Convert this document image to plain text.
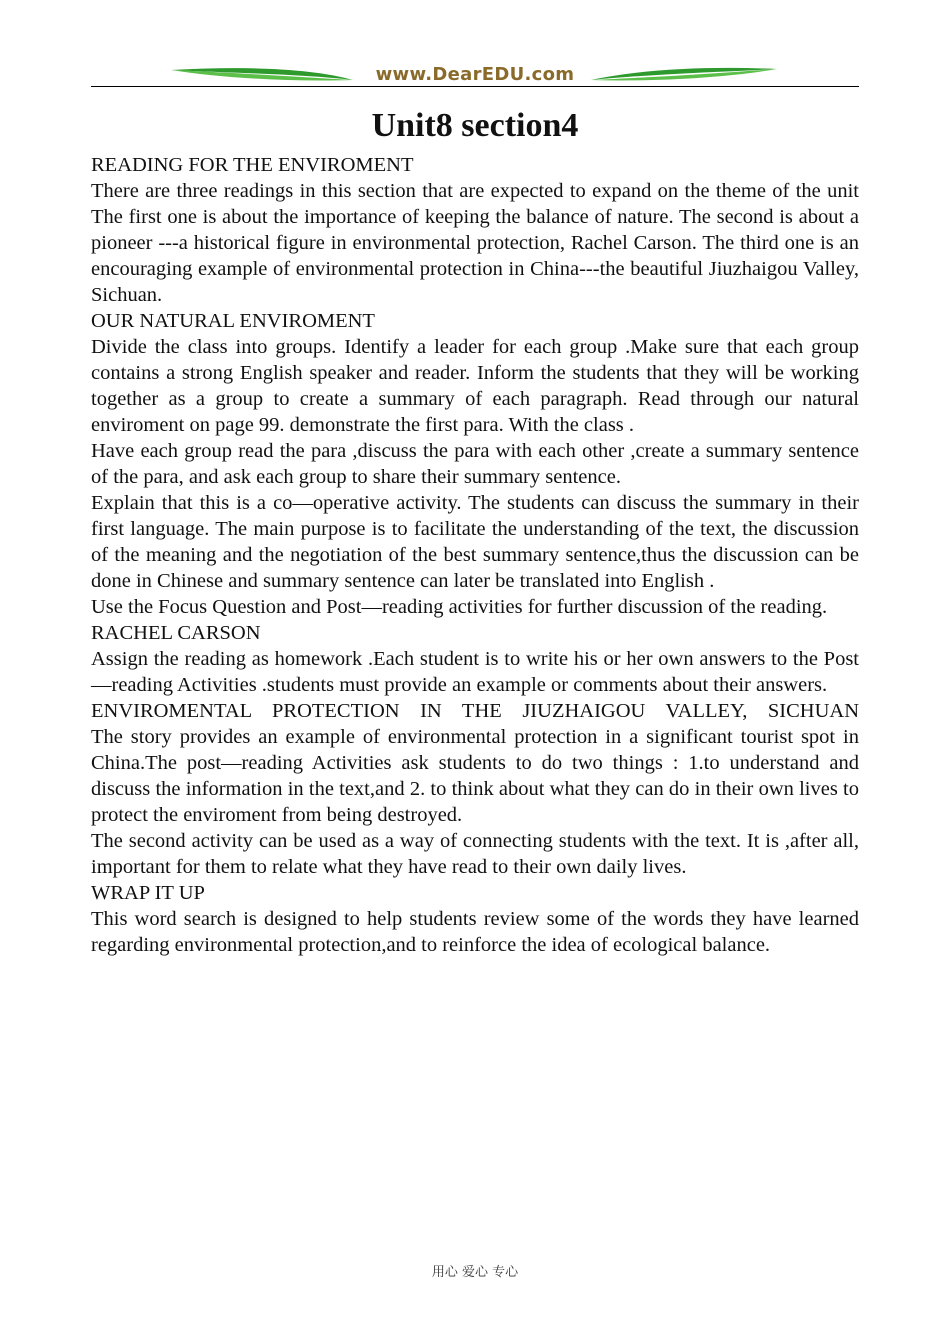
www.DearEDU.com
Unit8 section4

READING FOR THE ENVIROMENT

There are three readings in this section that are expected to expand on the theme of the unit The first one is about the importance of keeping the balance of nature. The second is about a pioneer ---a historical figure in environmental protection, Rachel Carson. The third one is an encouraging example of environmental protection in China---the beautiful Jiuzhaigou Valley, Sichuan.

OUR NATURAL ENVIROMENT

Divide the class into groups. Identify a leader for each group .Make sure that each group contains a strong English speaker and reader. Inform the students that they will be working together as a group to create a summary of each paragraph. Read through our natural enviroment on page 99. demonstrate the first para. With the class .

Have each group read the para ,discuss the para with each other ,create a summary sentence of the para, and ask each group to share their summary sentence.

Explain that this is a co—operative activity. The students can discuss the summary in their first language. The main purpose is to facilitate the understanding of the text, the discussion of the meaning and the negotiation of the best summary sentence,thus the discussion can be done in Chinese and summary sentence can later be translated into English .

Use the Focus Question and Post—reading activities for further discussion of the reading.

RACHEL CARSON

Assign the reading as homework .Each student is to write his or her own answers to the Post—reading Activities .students must provide an example or comments about their answers.

ENVIROMENTAL PROTECTION IN THE JIUZHAIGOU VALLEY, SICHUAN

The story provides an example of environmental protection in a significant tourist spot in China.The post—reading Activities ask students to do two things : 1.to understand and discuss the information in the text,and 2. to think about what they can do in their own lives to protect the enviroment from being destroyed.

The second activity can be used as a way of connecting students with the text. It is ,after all, important for them to relate what they have read to their own daily lives.

WRAP IT UP

This word search is designed to help students review some of the words they have learned regarding environmental protection,and to reinforce the idea of ecological balance.

用心 爱心 专心
